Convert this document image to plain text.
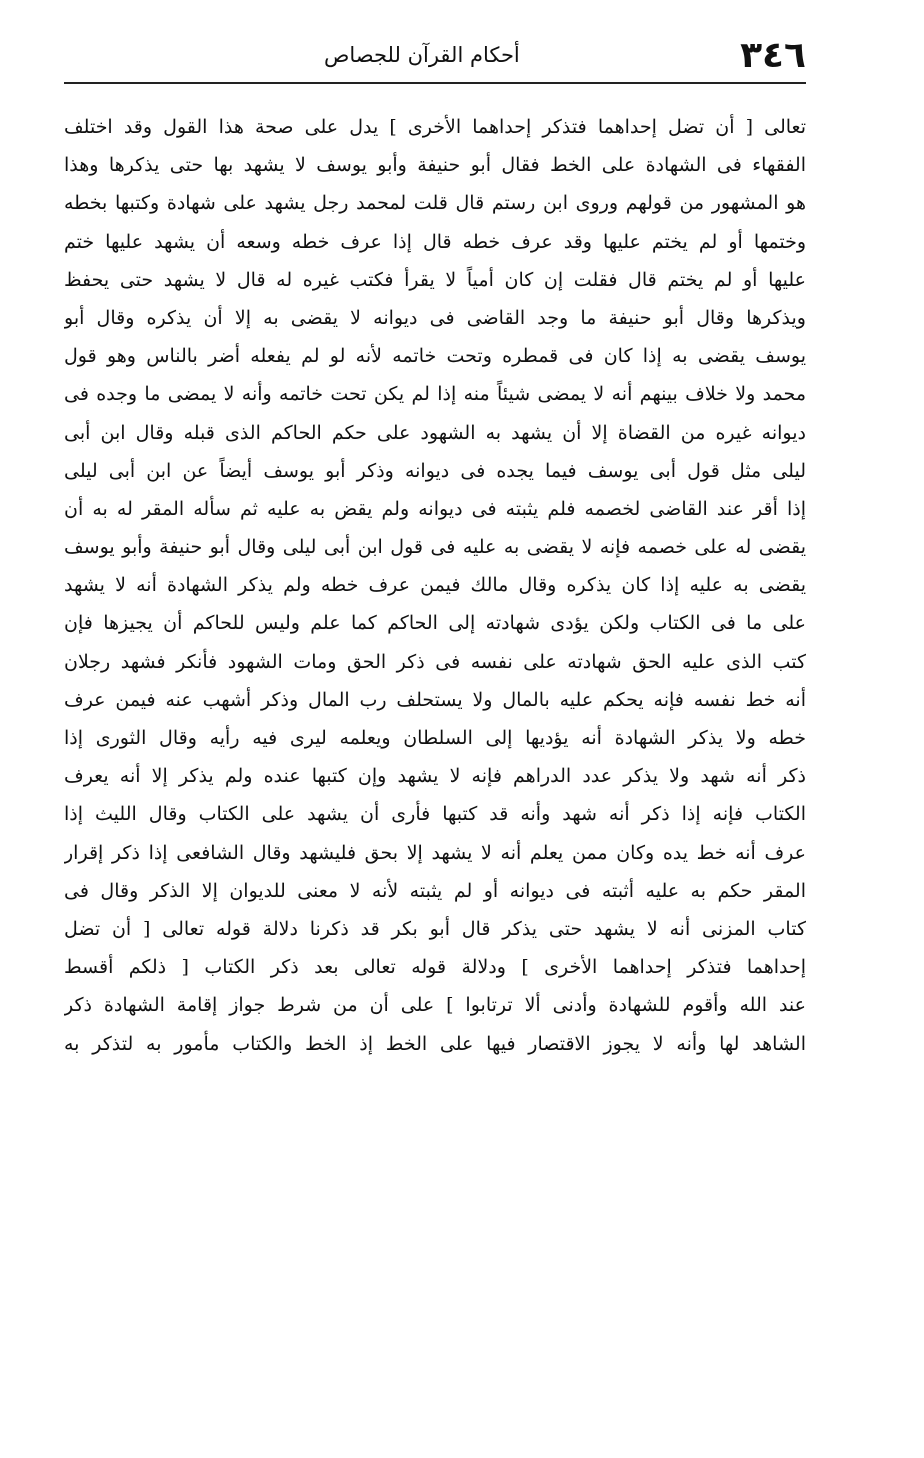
٣٤٦
أحكام القرآن للجصاص
تعالى [ أن تضل إحداهما فتذكر إحداهما الأخرى ] يدل على صحة هذا القول وقد اختلف
الفقهاء فى الشهادة على الخط فقال أبو حنيفة وأبو يوسف لا يشهد بها حتى يذكرها وهذا
هو المشهور من قولهم وروى ابن رستم قال قلت لمحمد رجل يشهد على شهادة وكتبها بخطه
وختمها أو لم يختم عليها وقد عرف خطه قال إذا عرف خطه وسعه أن يشهد عليها ختم
عليها أو لم يختم قال فقلت إن كان أمياً لا يقرأ فكتب غيره له قال لا يشهد حتى يحفظ
ويذكرها وقال أبو حنيفة ما وجد القاضى فى ديوانه لا يقضى به إلا أن يذكره وقال أبو
يوسف يقضى به إذا كان فى قمطره وتحت خاتمه لأنه لو لم يفعله أضر بالناس وهو قول
محمد ولا خلاف بينهم أنه لا يمضى شيئاً منه إذا لم يكن تحت خاتمه وأنه لا يمضى ما وجده فى
ديوانه غيره من القضاة إلا أن يشهد به الشهود على حكم الحاكم الذى قبله وقال ابن أبى
ليلى مثل قول أبى يوسف فيما يجده فى ديوانه وذكر أبو يوسف أيضاً عن ابن أبى ليلى
إذا أقر عند القاضى لخصمه فلم يثبته فى ديوانه ولم يقض به عليه ثم سأله المقر له به أن
يقضى له على خصمه فإنه لا يقضى به عليه فى قول ابن أبى ليلى وقال أبو حنيفة وأبو يوسف
يقضى به عليه إذا كان يذكره وقال مالك فيمن عرف خطه ولم يذكر الشهادة أنه لا يشهد
على ما فى الكتاب ولكن يؤدى شهادته إلى الحاكم كما علم وليس للحاكم أن يجيزها فإن
كتب الذى عليه الحق شهادته على نفسه فى ذكر الحق ومات الشهود فأنكر فشهد رجلان
أنه خط نفسه فإنه يحكم عليه بالمال ولا يستحلف رب المال وذكر أشهب عنه فيمن عرف
خطه ولا يذكر الشهادة أنه يؤديها إلى السلطان ويعلمه ليرى فيه رأيه وقال الثورى إذا
ذكر أنه شهد ولا يذكر عدد الدراهم فإنه لا يشهد وإن كتبها عنده ولم يذكر إلا أنه يعرف
الكتاب فإنه إذا ذكر أنه شهد وأنه قد كتبها فأرى أن يشهد على الكتاب وقال الليث إذا
عرف أنه خط يده وكان ممن يعلم أنه لا يشهد إلا بحق فليشهد وقال الشافعى إذا ذكر إقرار
المقر حكم به عليه أثبته فى ديوانه أو لم يثبته لأنه لا معنى للديوان إلا الذكر وقال فى
كتاب المزنى أنه لا يشهد حتى يذكر قال أبو بكر قد ذكرنا دلالة قوله تعالى [ أن تضل
إحداهما فتذكر إحداهما الأخرى ] ودلالة قوله تعالى بعد ذكر الكتاب [ ذلكم أقسط
عند الله وأقوم للشهادة وأدنى ألا ترتابوا ] على أن من شرط جواز إقامة الشهادة ذكر
الشاهد لها وأنه لا يجوز الاقتصار فيها على الخط إذ الخط والكتاب مأمور به لتذكر به
